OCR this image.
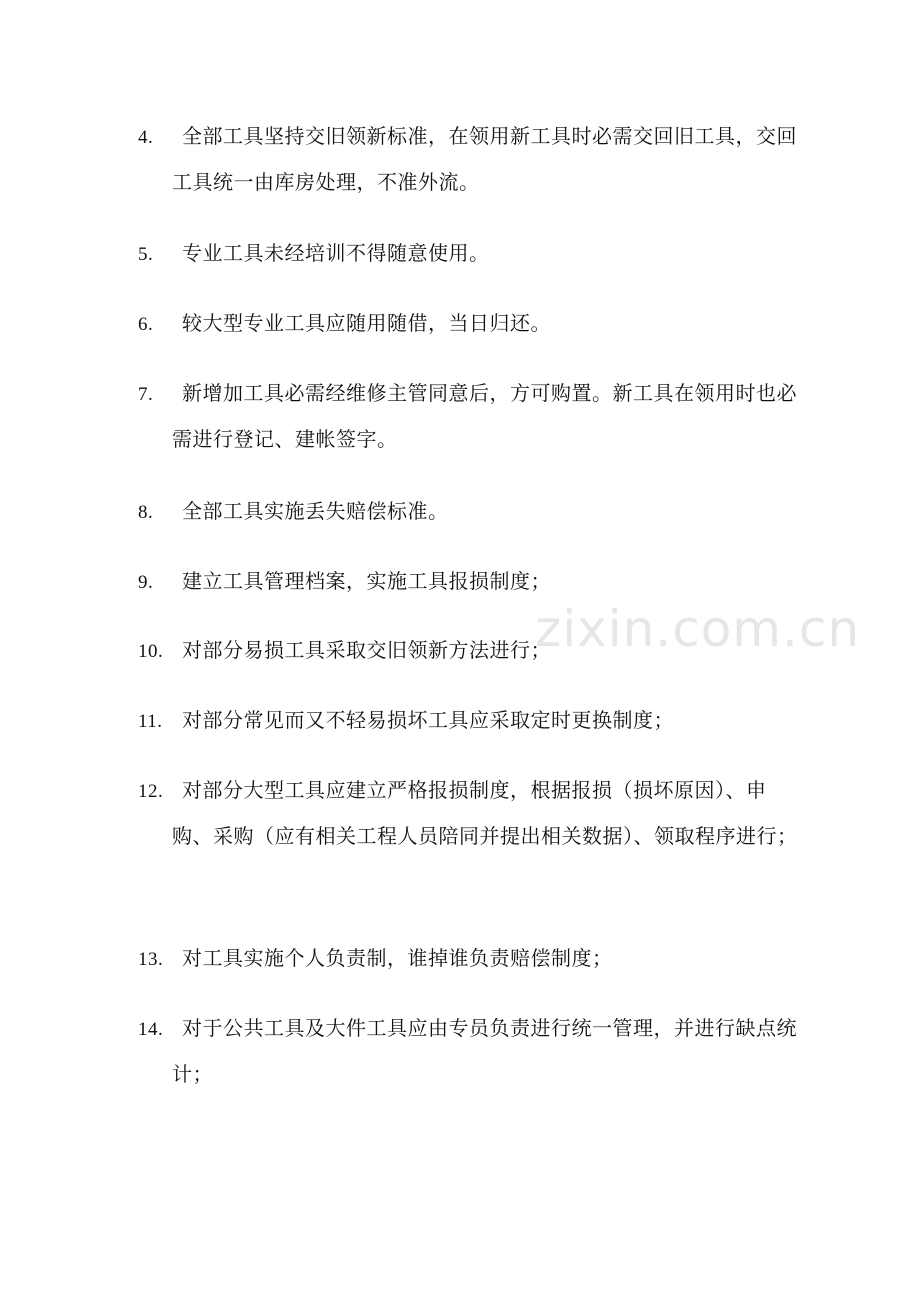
4.	全部工具坚持交旧领新标准，在领用新工具时必需交回旧工具，交回工具统一由库房处理，不准外流。
5.	专业工具未经培训不得随意使用。
6.	较大型专业工具应随用随借，当日归还。
7.	新增加工具必需经维修主管同意后，方可购置。新工具在领用时也必需进行登记、建帐签字。
8.	全部工具实施丢失赔偿标准。
9.	建立工具管理档案，实施工具报损制度；
10. 对部分易损工具采取交旧领新方法进行；
11. 对部分常见而又不轻易损坏工具应采取定时更换制度；
12. 对部分大型工具应建立严格报损制度，根据报损（损坏原因）、申购、采购（应有相关工程人员陪同并提出相关数据）、领取程序进行；
13. 对工具实施个人负责制，谁掉谁负责赔偿制度；
14. 对于公共工具及大件工具应由专员负责进行统一管理，并进行缺点统计；
zixin.com.cn
